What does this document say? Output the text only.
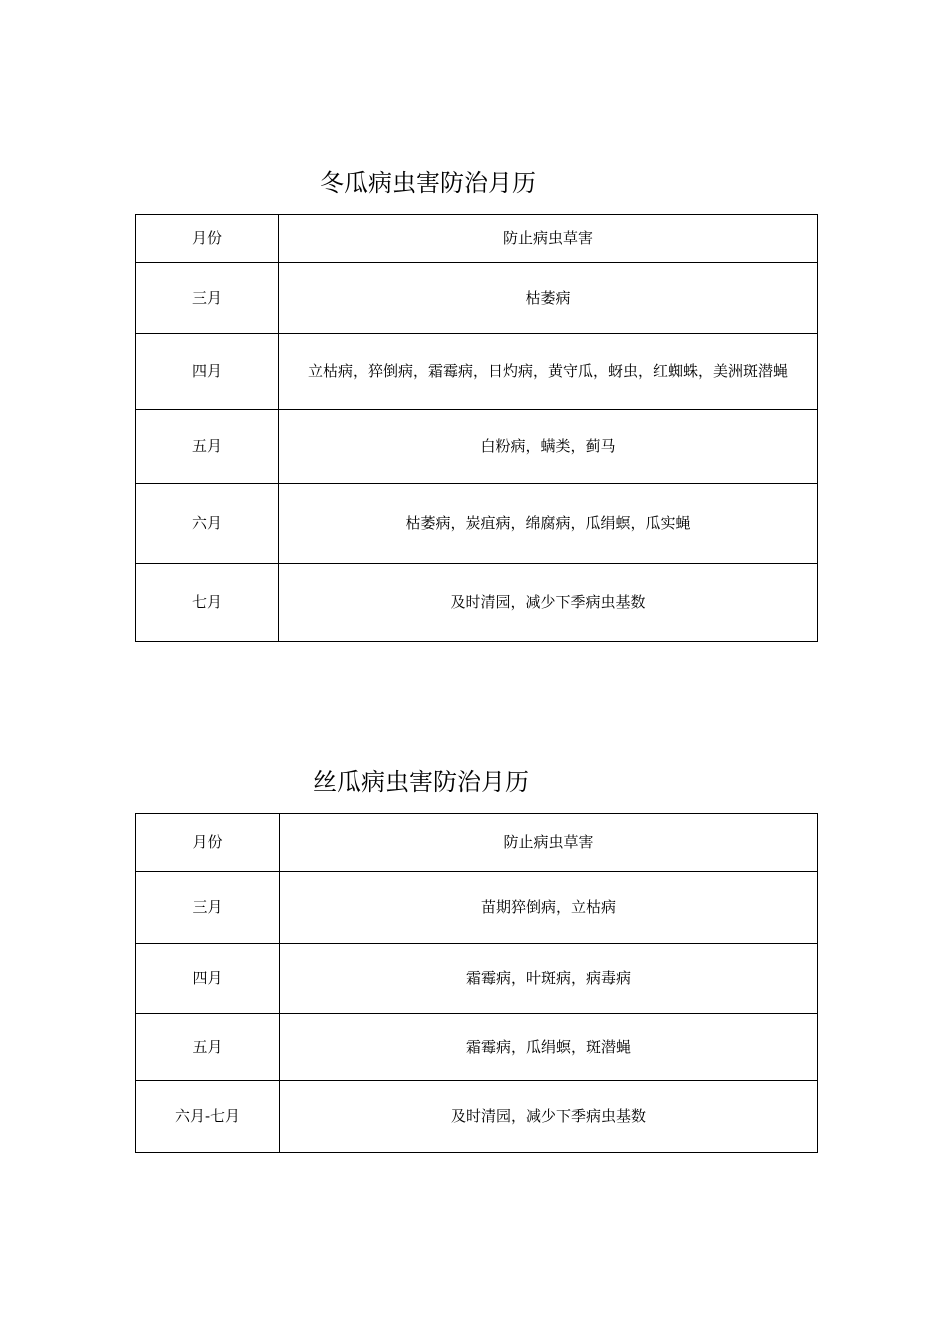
冬瓜病虫害防治月历
月份	防止病虫草害
三月	枯萎病
四月	立枯病，猝倒病，霜霉病，日灼病，黄守瓜，蚜虫，红蜘蛛，美洲斑潜蝇
五月	白粉病，螨类，蓟马
六月	枯萎病，炭疽病，绵腐病，瓜绢螟，瓜实蝇
七月	及时清园，减少下季病虫基数
丝瓜病虫害防治月历
月份	防止病虫草害
三月	苗期猝倒病，立枯病
四月	霜霉病，叶斑病，病毒病
五月	霜霉病，瓜绢螟，斑潜蝇
六月-七月	及时清园，减少下季病虫基数
